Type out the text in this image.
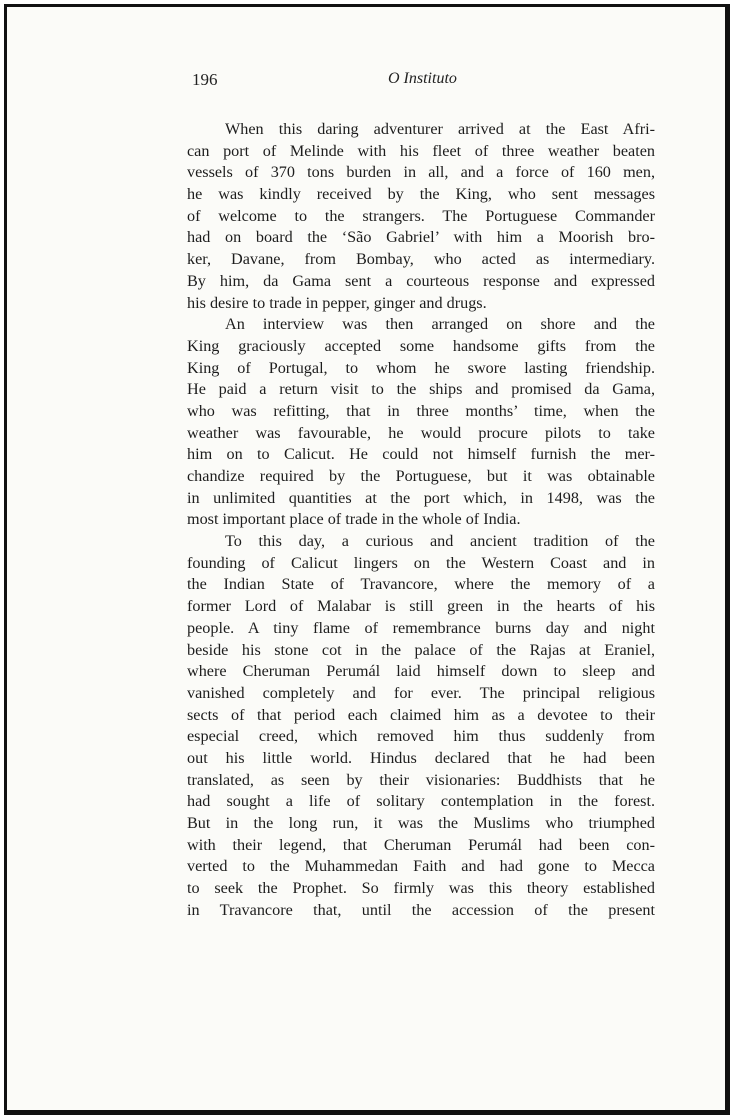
196	O Instituto
When this daring adventurer arrived at the East Afri-
can port of Melinde with his fleet of three weather beaten
vessels of 370 tons burden in all, and a force of 160 men,
he was kindly received by the King, who sent messages
of welcome to the strangers. The Portuguese Commander
had on board the ‘São Gabriel’ with him a Moorish bro-
ker, Davane, from Bombay, who acted as intermediary.
By him, da Gama sent a courteous response and expressed
his desire to trade in pepper, ginger and drugs.
An interview was then arranged on shore and the
King graciously accepted some handsome gifts from the
King of Portugal, to whom he swore lasting friendship.
He paid a return visit to the ships and promised da Gama,
who was refitting, that in three months’ time, when the
weather was favourable, he would procure pilots to take
him on to Calicut. He could not himself furnish the mer-
chandize required by the Portuguese, but it was obtainable
in unlimited quantities at the port which, in 1498, was the
most important place of trade in the whole of India.
To this day, a curious and ancient tradition of the
founding of Calicut lingers on the Western Coast and in
the Indian State of Travancore, where the memory of a
former Lord of Malabar is still green in the hearts of his
people. A tiny flame of remembrance burns day and night
beside his stone cot in the palace of the Rajas at Eraniel,
where Cheruman Perumál laid himself down to sleep and
vanished completely and for ever. The principal religious
sects of that period each claimed him as a devotee to their
especial creed, which removed him thus suddenly from
out his little world. Hindus declared that he had been
translated, as seen by their visionaries: Buddhists that he
had sought a life of solitary contemplation in the forest.
But in the long run, it was the Muslims who triumphed
with their legend, that Cheruman Perumál had been con-
verted to the Muhammedan Faith and had gone to Mecca
to seek the Prophet. So firmly was this theory established
in Travancore that, until the accession of the present
